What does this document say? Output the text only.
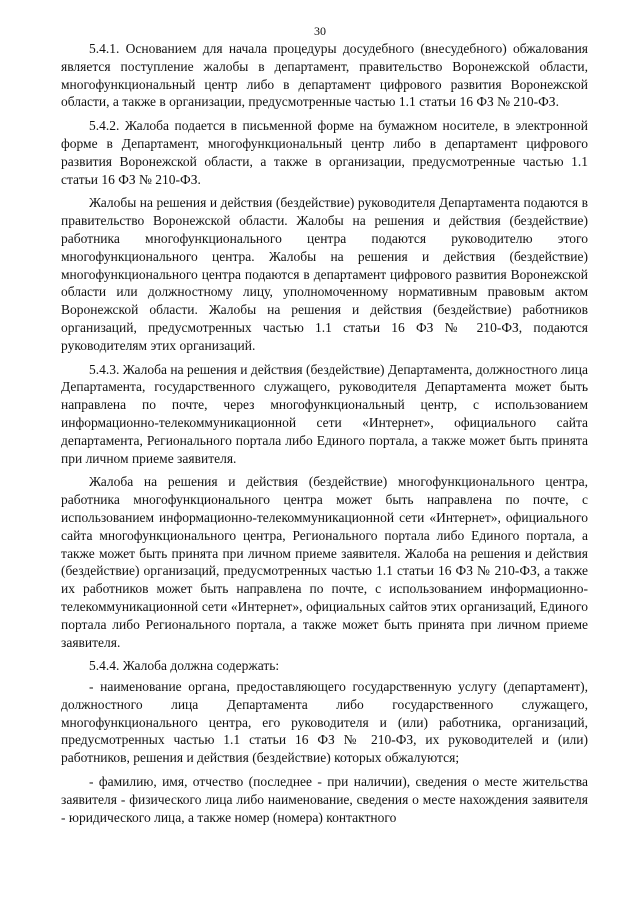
30

5.4.1. Основанием для начала процедуры досудебного (внесудебного) обжалования является поступление жалобы в департамент, правительство Воронежской области, многофункциональный центр либо в департамент цифрового развития Воронежской области, а также в организации, предусмотренные частью 1.1 статьи 16 ФЗ № 210-ФЗ.

5.4.2. Жалоба подается в письменной форме на бумажном носителе, в электронной форме в Департамент, многофункциональный центр либо в департамент цифрового развития Воронежской области, а также в организации, предусмотренные частью 1.1 статьи 16 ФЗ № 210-ФЗ.

Жалобы на решения и действия (бездействие) руководителя Департамента подаются в правительство Воронежской области. Жалобы на решения и действия (бездействие) работника многофункционального центра подаются руководителю этого многофункционального центра. Жалобы на решения и действия (бездействие) многофункционального центра подаются в департамент цифрового развития Воронежской области или должностному лицу, уполномоченному нормативным правовым актом Воронежской области. Жалобы на решения и действия (бездействие) работников организаций, предусмотренных частью 1.1 статьи 16 ФЗ № 210-ФЗ, подаются руководителям этих организаций.

5.4.3. Жалоба на решения и действия (бездействие) Департамента, должностного лица Департамента, государственного служащего, руководителя Департамента может быть направлена по почте, через многофункциональный центр, с использованием информационно-телекоммуникационной сети «Интернет», официального сайта департамента, Регионального портала либо Единого портала, а также может быть принята при личном приеме заявителя.

Жалоба на решения и действия (бездействие) многофункционального центра, работника многофункционального центра может быть направлена по почте, с использованием информационно-телекоммуникационной сети «Интернет», официального сайта многофункционального центра, Регионального портала либо Единого портала, а также может быть принята при личном приеме заявителя. Жалоба на решения и действия (бездействие) организаций, предусмотренных частью 1.1 статьи 16 ФЗ № 210-ФЗ, а также их работников может быть направлена по почте, с использованием информационно-телекоммуникационной сети «Интернет», официальных сайтов этих организаций, Единого портала либо Регионального портала, а также может быть принята при личном приеме заявителя.

5.4.4. Жалоба должна содержать:

- наименование органа, предоставляющего государственную услугу (департамент), должностного лица Департамента либо государственного служащего, многофункционального центра, его руководителя и (или) работника, организаций, предусмотренных частью 1.1 статьи 16 ФЗ № 210-ФЗ, их руководителей и (или) работников, решения и действия (бездействие) которых обжалуются;

- фамилию, имя, отчество (последнее - при наличии), сведения о месте жительства заявителя - физического лица либо наименование, сведения о месте нахождения заявителя - юридического лица, а также номер (номера) контактного
